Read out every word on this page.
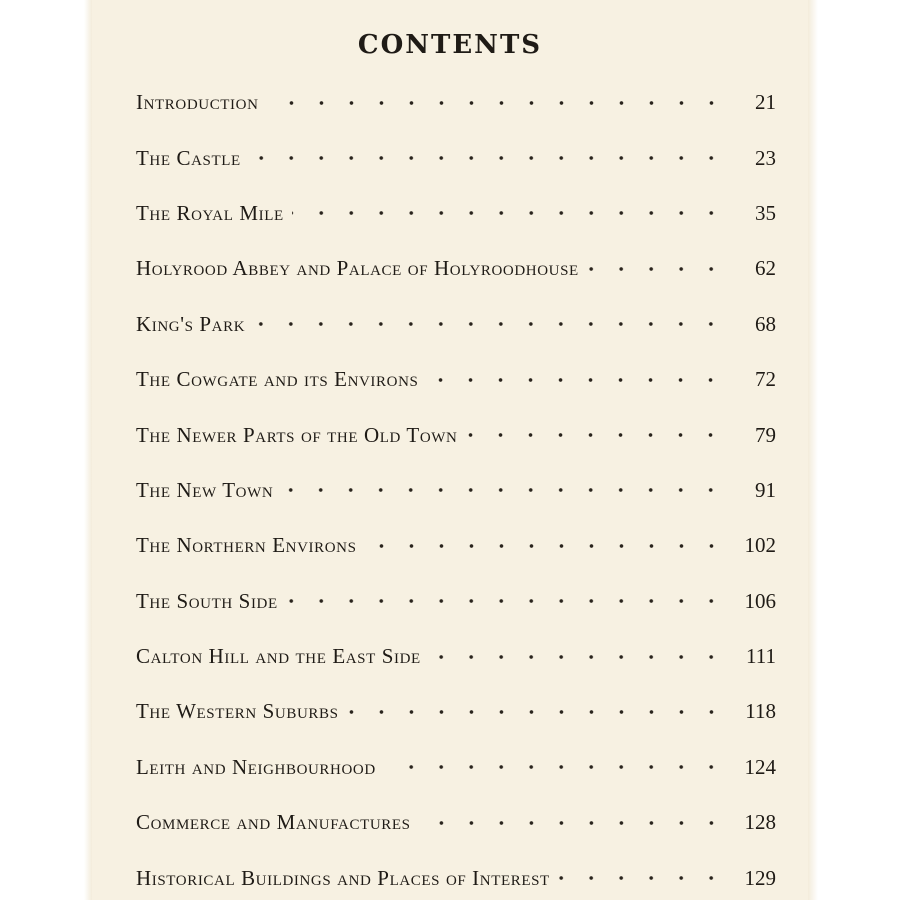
CONTENTS
Introduction	21
The Castle	23
The Royal Mile	35
Holyrood Abbey and Palace of Holyroodhouse	62
King's Park	68
The Cowgate and its Environs	72
The Newer Parts of the Old Town	79
The New Town	91
The Northern Environs	102
The South Side	106
Calton Hill and the East Side	111
The Western Suburbs	118
Leith and Neighbourhood	124
Commerce and Manufactures	128
Historical Buildings and Places of Interest	129
